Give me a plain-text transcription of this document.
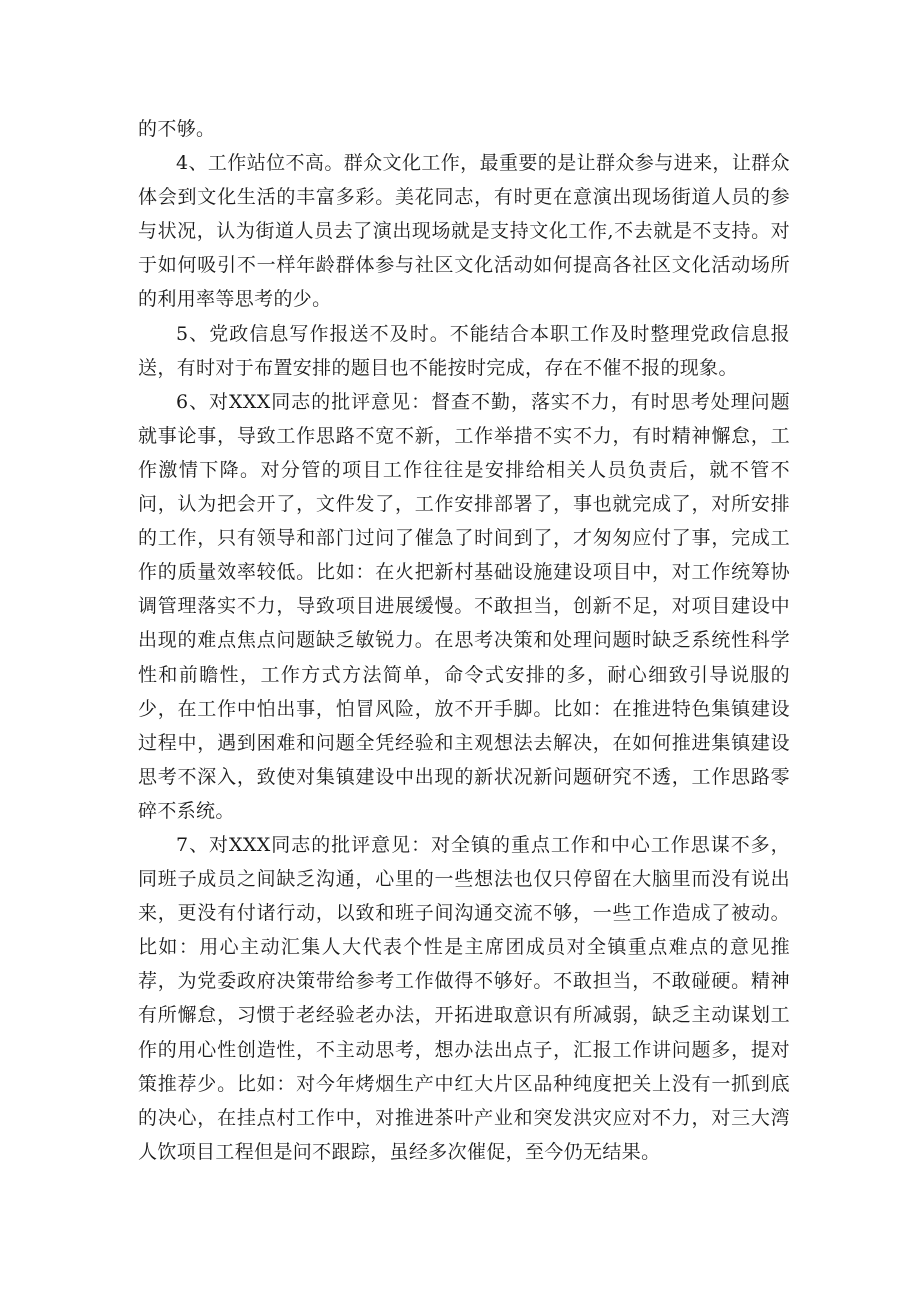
的不够。

4、工作站位不高。群众文化工作，最重要的是让群众参与进来，让群众体会到文化生活的丰富多彩。美花同志，有时更在意演出现场街道人员的参与状况，认为街道人员去了演出现场就是支持文化工作,不去就是不支持。对于如何吸引不一样年龄群体参与社区文化活动如何提高各社区文化活动场所的利用率等思考的少。

5、党政信息写作报送不及时。不能结合本职工作及时整理党政信息报送，有时对于布置安排的题目也不能按时完成，存在不催不报的现象。

6、对XXX同志的批评意见：督查不勤，落实不力，有时思考处理问题就事论事，导致工作思路不宽不新，工作举措不实不力，有时精神懈怠，工作激情下降。对分管的项目工作往往是安排给相关人员负责后，就不管不问，认为把会开了，文件发了，工作安排部署了，事也就完成了，对所安排的工作，只有领导和部门过问了催急了时间到了，才匆匆应付了事，完成工作的质量效率较低。比如：在火把新村基础设施建设项目中，对工作统筹协调管理落实不力，导致项目进展缓慢。不敢担当，创新不足，对项目建设中出现的难点焦点问题缺乏敏锐力。在思考决策和处理问题时缺乏系统性科学性和前瞻性，工作方式方法简单，命令式安排的多，耐心细致引导说服的少，在工作中怕出事，怕冒风险，放不开手脚。比如：在推进特色集镇建设过程中，遇到困难和问题全凭经验和主观想法去解决，在如何推进集镇建设思考不深入，致使对集镇建设中出现的新状况新问题研究不透，工作思路零碎不系统。

7、对XXX同志的批评意见：对全镇的重点工作和中心工作思谋不多，同班子成员之间缺乏沟通，心里的一些想法也仅只停留在大脑里而没有说出来，更没有付诸行动，以致和班子间沟通交流不够，一些工作造成了被动。比如：用心主动汇集人大代表个性是主席团成员对全镇重点难点的意见推荐，为党委政府决策带给参考工作做得不够好。不敢担当，不敢碰硬。精神有所懈怠，习惯于老经验老办法，开拓进取意识有所减弱，缺乏主动谋划工作的用心性创造性，不主动思考，想办法出点子，汇报工作讲问题多，提对策推荐少。比如：对今年烤烟生产中红大片区品种纯度把关上没有一抓到底的决心，在挂点村工作中，对推进茶叶产业和突发洪灾应对不力，对三大湾人饮项目工程但是问不跟踪，虽经多次催促，至今仍无结果。
